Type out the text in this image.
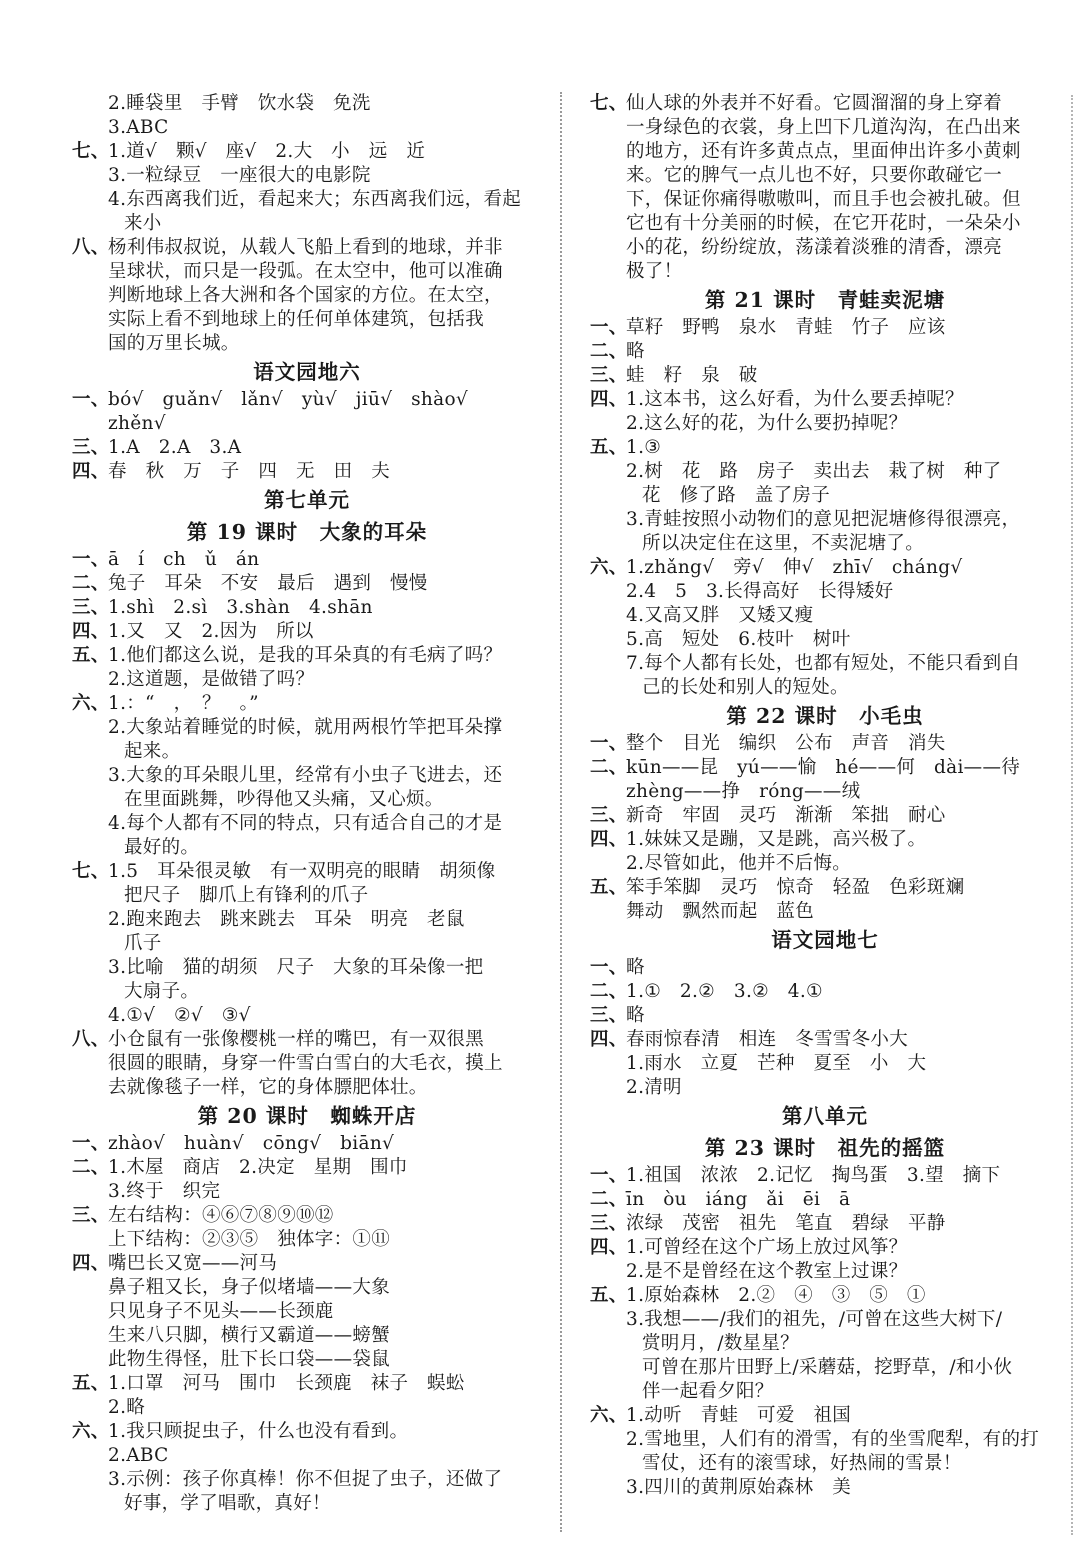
2.睡袋里　手臂　饮水袋　免洗
3.ABC
七、
1.道√　颗√　座√　2.大　小　远　近
3.一粒绿豆　一座很大的电影院
4.东西离我们近，看起来大；东西离我们远，看起
来小
八、
杨利伟叔叔说，从载人飞船上看到的地球，并非
呈球状，而只是一段弧。在太空中，他可以准确
判断地球上各大洲和各个国家的方位。在太空，
实际上看不到地球上的任何单体建筑，包括我
国的万里长城。
语文园地六
一、
bó√　guǎn√　lǎn√　yù√　jiū√　shào√
zhěn√
三、
1.A　2.A　3.A
四、
春　秋　万　子　四　无　田　夫
第七单元
第 19 课时　大象的耳朵
一、
ā　í　ch　ǔ　án
二、
兔子　耳朵　不安　最后　遇到　慢慢
三、
1.shì　2.sì　3.shàn　4.shān
四、
1.又　又　2.因为　所以
五、
1.他们都这么说，是我的耳朵真的有毛病了吗？
2.这道题，是做错了吗？
六、
1.：“　，　？　。”
2.大象站着睡觉的时候，就用两根竹竿把耳朵撑
起来。
3.大象的耳朵眼儿里，经常有小虫子飞进去，还
在里面跳舞，吵得他又头痛，又心烦。
4.每个人都有不同的特点，只有适合自己的才是
最好的。
七、
1.5　耳朵很灵敏　有一双明亮的眼睛　胡须像
把尺子　脚爪上有锋利的爪子
2.跑来跑去　跳来跳去　耳朵　明亮　老鼠
爪子
3.比喻　猫的胡须　尺子　大象的耳朵像一把
大扇子。
4.①√　②√　③√
八、
小仓鼠有一张像樱桃一样的嘴巴，有一双很黑
很圆的眼睛，身穿一件雪白雪白的大毛衣，摸上
去就像毯子一样，它的身体膘肥体壮。
第 20 课时　蜘蛛开店
一、
zhào√　huàn√　cōng√　biān√
二、
1.木屋　商店　2.决定　星期　围巾
3.终于　织完
三、
左右结构：④⑥⑦⑧⑨⑩⑫
上下结构：②③⑤　独体字：①⑪
四、
嘴巴长又宽——河马
鼻子粗又长，身子似堵墙——大象
只见身子不见头——长颈鹿
生来八只脚，横行又霸道——螃蟹
此物生得怪，肚下长口袋——袋鼠
五、
1.口罩　河马　围巾　长颈鹿　袜子　蜈蚣
2.略
六、
1.我只顾捉虫子，什么也没有看到。
2.ABC
3.示例：孩子你真棒！你不但捉了虫子，还做了
好事，学了唱歌，真好！
七、
仙人球的外表并不好看。它圆溜溜的身上穿着
一身绿色的衣裳，身上凹下几道沟沟，在凸出来
的地方，还有许多黄点点，里面伸出许多小黄刺
来。它的脾气一点儿也不好，只要你敢碰它一
下，保证你痛得嗷嗷叫，而且手也会被扎破。但
它也有十分美丽的时候，在它开花时，一朵朵小
小的花，纷纷绽放，荡漾着淡雅的清香，漂亮
极了！
第 21 课时　青蛙卖泥塘
一、
草籽　野鸭　泉水　青蛙　竹子　应该
二、
略
三、
蛙　籽　泉　破
四、
1.这本书，这么好看，为什么要丢掉呢？
2.这么好的花，为什么要扔掉呢？
五、
1.③
2.树　花　路　房子　卖出去　栽了树　种了
花　修了路　盖了房子
3.青蛙按照小动物们的意见把泥塘修得很漂亮，
所以决定住在这里，不卖泥塘了。
六、
1.zhǎng√　旁√　伸√　zhī√　cháng√
2.4　5　3.长得高好　长得矮好
4.又高又胖　又矮又瘦
5.高　短处　6.枝叶　树叶
7.每个人都有长处，也都有短处，不能只看到自
己的长处和别人的短处。
第 22 课时　小毛虫
一、
整个　目光　编织　公布　声音　消失
二、
kūn——昆　yú——愉　hé——何　dài——待
zhèng——挣　róng——绒
三、
新奇　牢固　灵巧　渐渐　笨拙　耐心
四、
1.妹妹又是蹦，又是跳，高兴极了。
2.尽管如此，他并不后悔。
五、
笨手笨脚　灵巧　惊奇　轻盈　色彩斑斓
舞动　飘然而起　蓝色
语文园地七
一、
略
二、
1.①　2.②　3.②　4.①
三、
略
四、
春雨惊春清　相连　冬雪雪冬小大
1.雨水　立夏　芒种　夏至　小　大
2.清明
第八单元
第 23 课时　祖先的摇篮
一、
1.祖国　浓浓　2.记忆　掏鸟蛋　3.望　摘下
二、
īn　òu　iáng　ǎi　ēi　ā
三、
浓绿　茂密　祖先　笔直　碧绿　平静
四、
1.可曾经在这个广场上放过风筝？
2.是不是曾经在这个教室上过课？
五、
1.原始森林　2.②　④　③　⑤　①
3.我想——/我们的祖先，/可曾在这些大树下/
赏明月，/数星星？
可曾在那片田野上/采蘑菇，挖野草，/和小伙
伴一起看夕阳？
六、
1.动听　青蛙　可爱　祖国
2.雪地里，人们有的滑雪，有的坐雪爬犁，有的打
雪仗，还有的滚雪球，好热闹的雪景！
3.四川的黄荆原始森林　美
